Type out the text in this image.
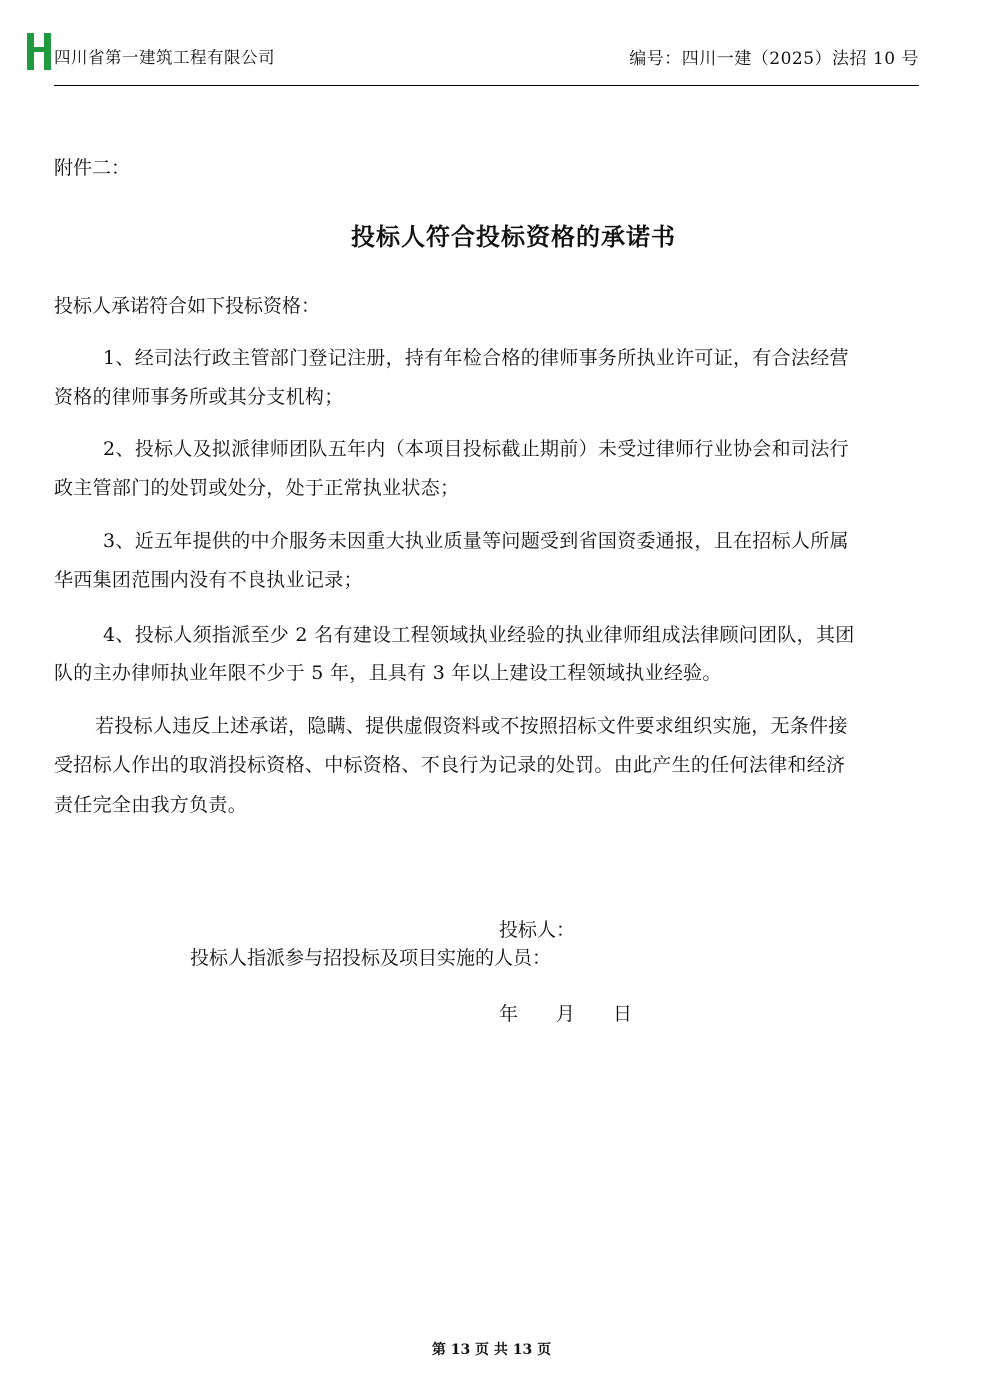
四川省第一建筑工程有限公司	编号：四川一建（2025）法招 10 号
附件二：
投标人符合投标资格的承诺书
投标人承诺符合如下投标资格：
1、经司法行政主管部门登记注册，持有年检合格的律师事务所执业许可证，有合法经营
资格的律师事务所或其分支机构；
2、投标人及拟派律师团队五年内（本项目投标截止期前）未受过律师行业协会和司法行
政主管部门的处罚或处分，处于正常执业状态；
3、近五年提供的中介服务未因重大执业质量等问题受到省国资委通报，且在招标人所属
华西集团范围内没有不良执业记录；
4、投标人须指派至少 2 名有建设工程领域执业经验的执业律师组成法律顾问团队，其团
队的主办律师执业年限不少于 5 年，且具有 3 年以上建设工程领域执业经验。
若投标人违反上述承诺，隐瞒、提供虚假资料或不按照招标文件要求组织实施，无条件接
受招标人作出的取消投标资格、中标资格、不良行为记录的处罚。由此产生的任何法律和经济
责任完全由我方负责。
投标人：
投标人指派参与招投标及项目实施的人员：
年　　月　　日
第 13 页 共 13 页
